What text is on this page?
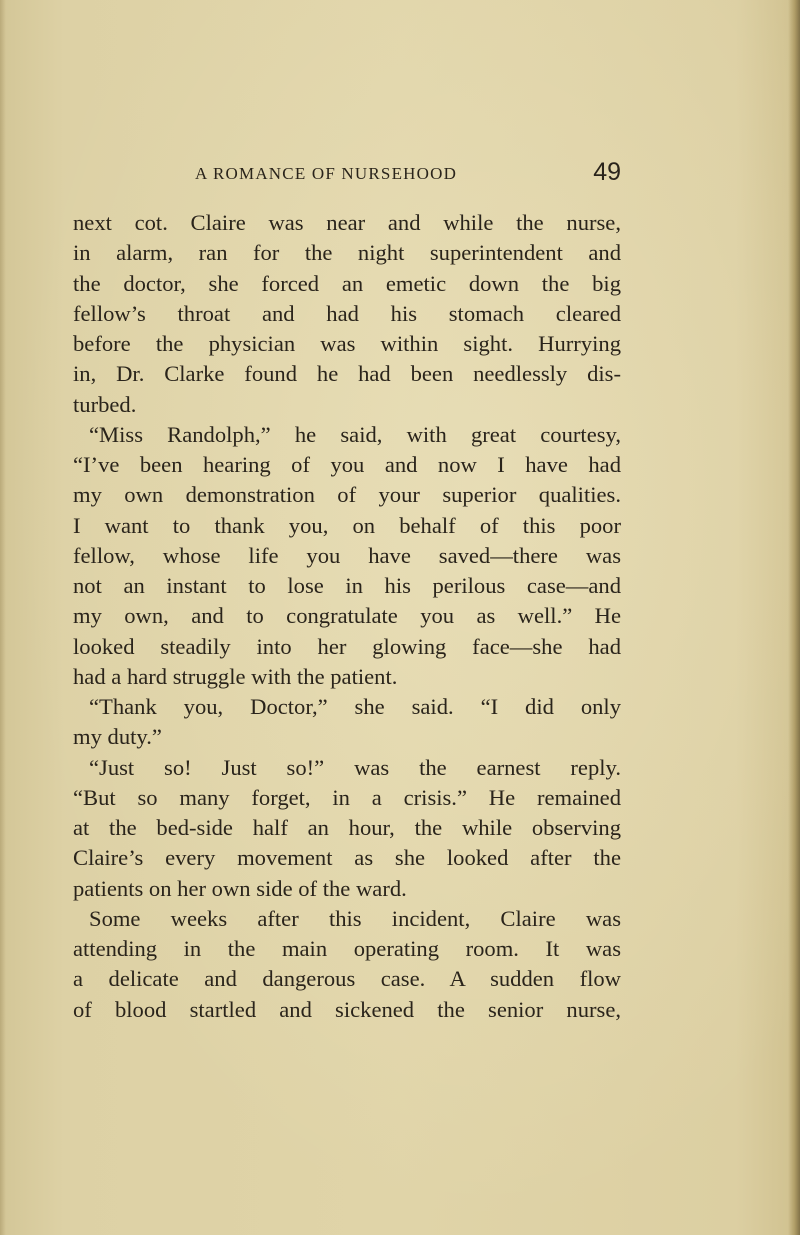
A ROMANCE OF NURSEHOOD	49
next cot. Claire was near and while the nurse,
in alarm, ran for the night superintendent and
the doctor, she forced an emetic down the big
fellow’s throat and had his stomach cleared
before the physician was within sight. Hurrying
in, Dr. Clarke found he had been needlessly dis-
turbed.
“Miss Randolph,” he said, with great courtesy,
“I’ve been hearing of you and now I have had
my own demonstration of your superior qualities.
I want to thank you, on behalf of this poor
fellow, whose life you have saved—there was
not an instant to lose in his perilous case—and
my own, and to congratulate you as well.” He
looked steadily into her glowing face—she had
had a hard struggle with the patient.
“Thank you, Doctor,” she said. “I did only
my duty.”
“Just so! Just so!” was the earnest reply.
“But so many forget, in a crisis.” He remained
at the bed-side half an hour, the while observing
Claire’s every movement as she looked after the
patients on her own side of the ward.
Some weeks after this incident, Claire was
attending in the main operating room. It was
a delicate and dangerous case. A sudden flow
of blood startled and sickened the senior nurse,
